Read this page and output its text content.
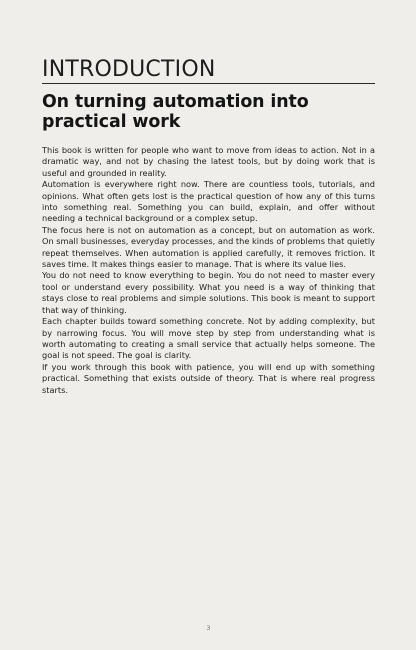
INTRODUCTION
On turning automation into practical work

This book is written for people who want to move from ideas to action. Not in a dramatic way, and not by chasing the latest tools, but by doing work that is useful and grounded in reality.

Automation is everywhere right now. There are countless tools, tutorials, and opinions. What often gets lost is the practical question of how any of this turns into something real. Something you can build, explain, and offer without needing a technical background or a complex setup.

The focus here is not on automation as a concept, but on automation as work. On small businesses, everyday processes, and the kinds of problems that quietly repeat themselves. When automation is applied carefully, it removes friction. It saves time. It makes things easier to manage. That is where its value lies.

You do not need to know everything to begin. You do not need to master every tool or understand every possibility. What you need is a way of thinking that stays close to real problems and simple solutions. This book is meant to support that way of thinking.

Each chapter builds toward something concrete. Not by adding complexity, but by narrowing focus. You will move step by step from understanding what is worth automating to creating a small service that actually helps someone. The goal is not speed. The goal is clarity.

If you work through this book with patience, you will end up with something practical. Something that exists outside of theory. That is where real progress starts.

3
